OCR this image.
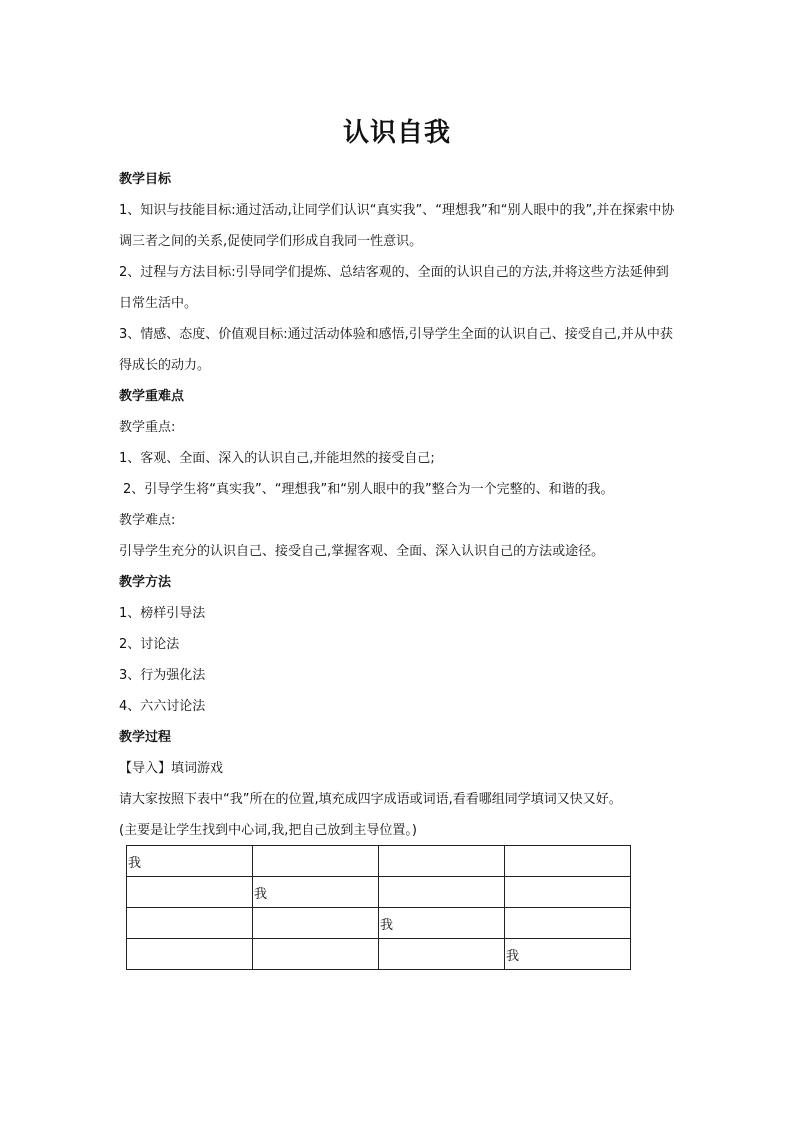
认识自我
教学目标
1、知识与技能目标:通过活动,让同学们认识“真实我”、“理想我”和“别人眼中的我”,并在探索中协调三者之间的关系,促使同学们形成自我同一性意识。
2、过程与方法目标:引导同学们提炼、总结客观的、全面的认识自己的方法,并将这些方法延伸到日常生活中。
3、情感、态度、价值观目标:通过活动体验和感悟,引导学生全面的认识自己、接受自己,并从中获得成长的动力。
教学重难点
教学重点:
1、客观、全面、深入的认识自己,并能坦然的接受自己;
2、引导学生将“真实我”、“理想我”和“别人眼中的我”整合为一个完整的、和谐的我。
教学难点:
引导学生充分的认识自己、接受自己,掌握客观、全面、深入认识自己的方法或途径。
教学方法
1、榜样引导法
2、讨论法
3、行为强化法
4、六六讨论法
教学过程
【导入】填词游戏
请大家按照下表中“我”所在的位置,填充成四字成语或词语,看看哪组同学填词又快又好。
(主要是让学生找到中心词,我,把自己放到主导位置。)
我			
	我		
		我	
			我
